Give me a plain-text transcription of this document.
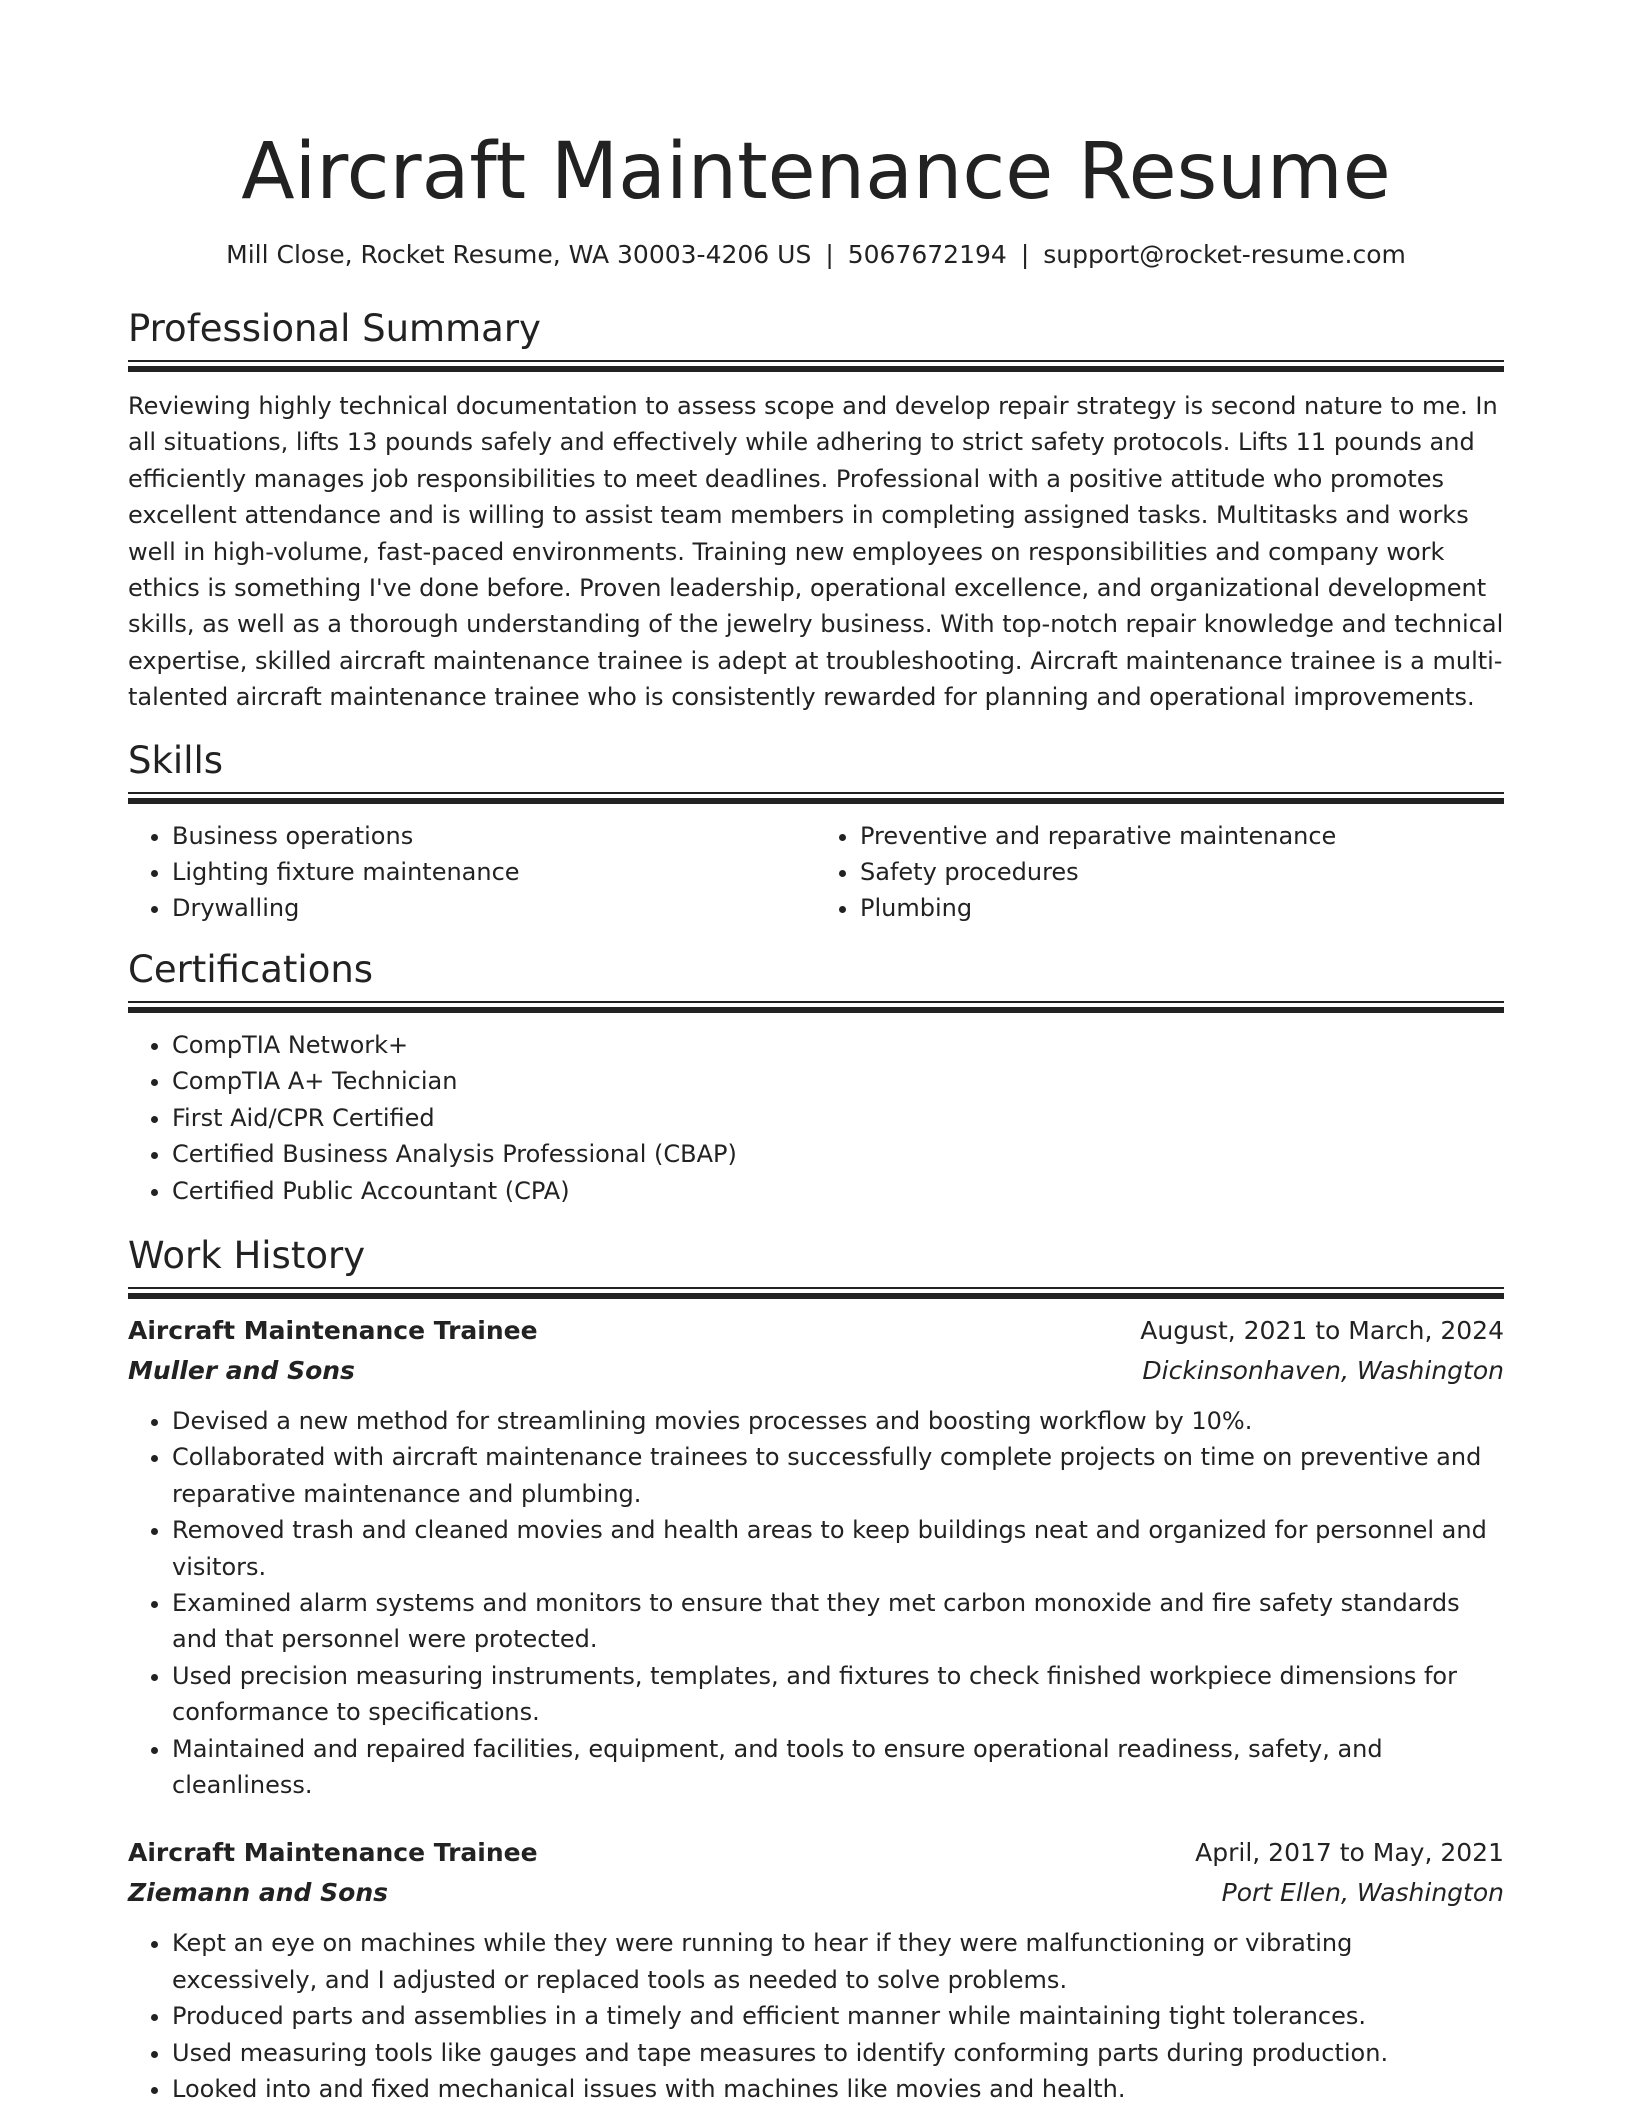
Aircraft Maintenance Resume
Mill Close, Rocket Resume, WA 30003-4206 US | 5067672194 | support@rocket-resume.com
Professional Summary
Reviewing highly technical documentation to assess scope and develop repair strategy is second nature to me. In all situations, lifts 13 pounds safely and effectively while adhering to strict safety protocols. Lifts 11 pounds and efficiently manages job responsibilities to meet deadlines. Professional with a positive attitude who promotes excellent attendance and is willing to assist team members in completing assigned tasks. Multitasks and works well in high-volume, fast-paced environments. Training new employees on responsibilities and company work ethics is something I've done before. Proven leadership, operational excellence, and organizational development skills, as well as a thorough understanding of the jewelry business. With top-notch repair knowledge and technical expertise, skilled aircraft maintenance trainee is adept at troubleshooting. Aircraft maintenance trainee is a multi-talented aircraft maintenance trainee who is consistently rewarded for planning and operational improvements.
Skills
• Business operations
• Lighting fixture maintenance
• Drywalling
• Preventive and reparative maintenance
• Safety procedures
• Plumbing
Certifications
• CompTIA Network+
• CompTIA A+ Technician
• First Aid/CPR Certified
• Certified Business Analysis Professional (CBAP)
• Certified Public Accountant (CPA)
Work History
Aircraft Maintenance Trainee	August, 2021 to March, 2024
Muller and Sons	Dickinsonhaven, Washington
• Devised a new method for streamlining movies processes and boosting workflow by 10%.
• Collaborated with aircraft maintenance trainees to successfully complete projects on time on preventive and reparative maintenance and plumbing.
• Removed trash and cleaned movies and health areas to keep buildings neat and organized for personnel and visitors.
• Examined alarm systems and monitors to ensure that they met carbon monoxide and fire safety standards and that personnel were protected.
• Used precision measuring instruments, templates, and fixtures to check finished workpiece dimensions for conformance to specifications.
• Maintained and repaired facilities, equipment, and tools to ensure operational readiness, safety, and cleanliness.
Aircraft Maintenance Trainee	April, 2017 to May, 2021
Ziemann and Sons	Port Ellen, Washington
• Kept an eye on machines while they were running to hear if they were malfunctioning or vibrating excessively, and I adjusted or replaced tools as needed to solve problems.
• Produced parts and assemblies in a timely and efficient manner while maintaining tight tolerances.
• Used measuring tools like gauges and tape measures to identify conforming parts during production.
• Looked into and fixed mechanical issues with machines like movies and health.
